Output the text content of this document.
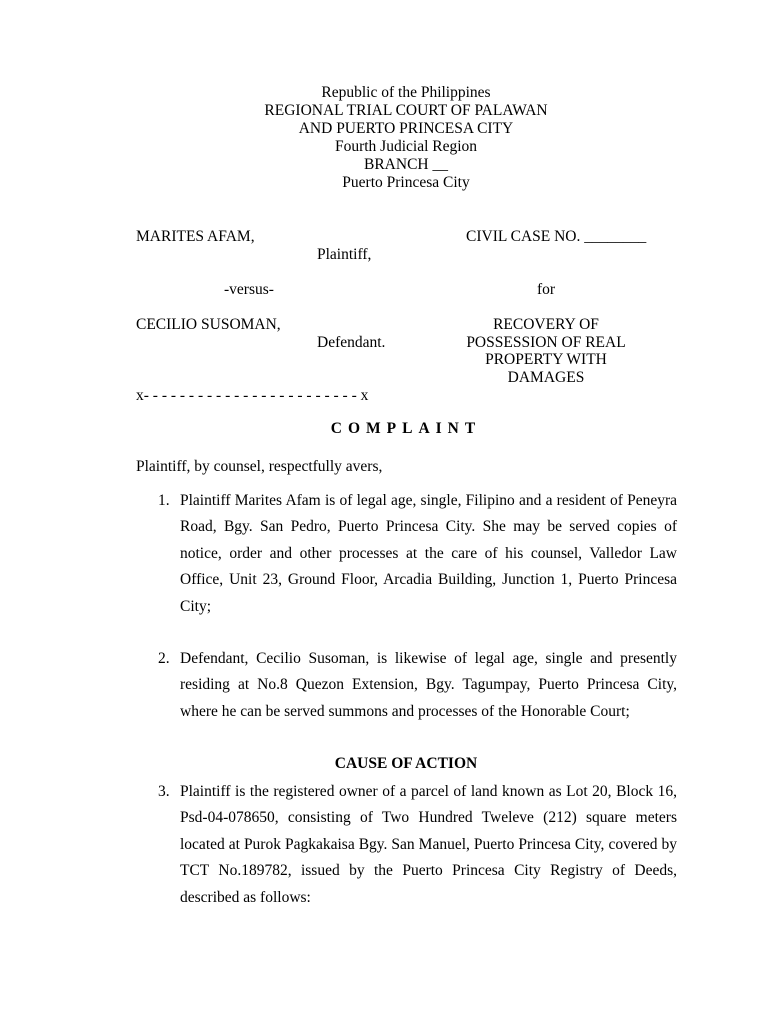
Republic of the Philippines
REGIONAL TRIAL COURT OF PALAWAN
AND PUERTO PRINCESA CITY
Fourth Judicial Region
BRANCH __
Puerto Princesa City
MARITES AFAM,
Plaintiff,
-versus-
CECILIO SUSOMAN,
Defendant.
x- - - - - - - - - - - - - - - - - - - - - - - - x
CIVIL CASE NO. ________
for
RECOVERY OF
POSSESSION OF REAL
PROPERTY WITH
DAMAGES
COMPLAINT
Plaintiff, by counsel, respectfully avers,
1. Plaintiff Marites Afam is of legal age, single, Filipino and a resident of Peneyra Road, Bgy. San Pedro, Puerto Princesa City. She may be served copies of notice, order and other processes at the care of his counsel, Valledor Law Office, Unit 23, Ground Floor, Arcadia Building, Junction 1, Puerto Princesa City;
2. Defendant, Cecilio Susoman, is likewise of legal age, single and presently residing at No.8 Quezon Extension, Bgy. Tagumpay, Puerto Princesa City, where he can be served summons and processes of the Honorable Court;
CAUSE OF ACTION
3. Plaintiff is the registered owner of a parcel of land known as Lot 20, Block 16, Psd-04-078650, consisting of Two Hundred Tweleve (212) square meters located at Purok Pagkakaisa Bgy. San Manuel, Puerto Princesa City, covered by TCT No.189782, issued by the Puerto Princesa City Registry of Deeds, described as follows:
